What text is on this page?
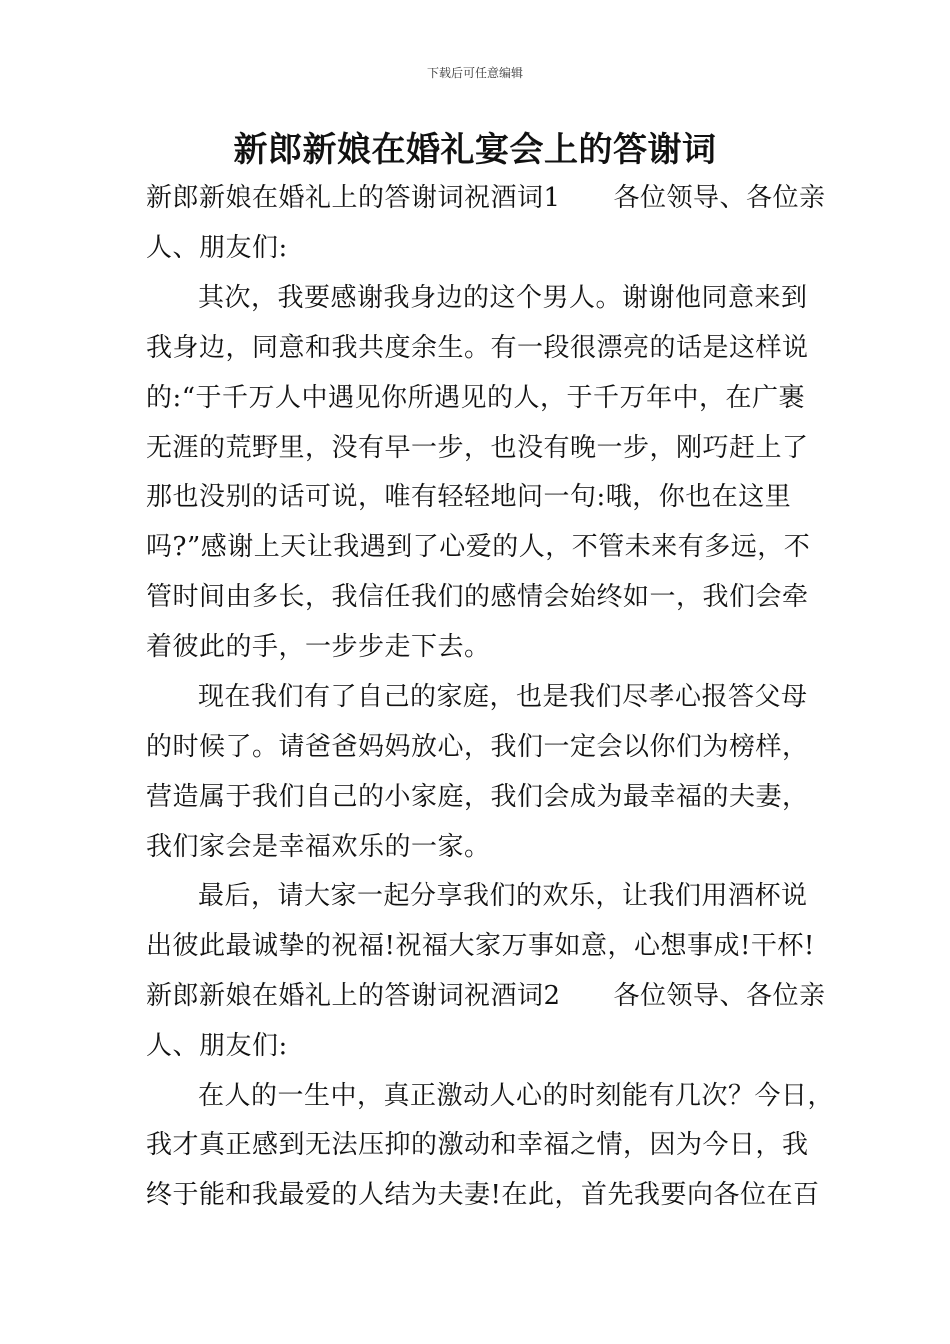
下载后可任意编辑
新郎新娘在婚礼宴会上的答谢词
新郎新娘在婚礼上的答谢词祝酒词1　　各位领导、各位亲
人、朋友们:
其次，我要感谢我身边的这个男人。谢谢他同意来到
我身边，同意和我共度余生。有一段很漂亮的话是这样说
的:“于千万人中遇见你所遇见的人，于千万年中，在广裹
无涯的荒野里，没有早一步，也没有晚一步，刚巧赶上了
那也没别的话可说，唯有轻轻地问一句:哦，你也在这里
吗?”感谢上天让我遇到了心爱的人，不管未来有多远，不
管时间由多长，我信任我们的感情会始终如一，我们会牵
着彼此的手，一步步走下去。
现在我们有了自己的家庭，也是我们尽孝心报答父母
的时候了。请爸爸妈妈放心，我们一定会以你们为榜样，
营造属于我们自己的小家庭，我们会成为最幸福的夫妻，
我们家会是幸福欢乐的一家。
最后，请大家一起分享我们的欢乐，让我们用酒杯说
出彼此最诚挚的祝福!祝福大家万事如意，心想事成!干杯!
新郎新娘在婚礼上的答谢词祝酒词2　　各位领导、各位亲
人、朋友们:
在人的一生中，真正激动人心的时刻能有几次？今日，
我才真正感到无法压抑的激动和幸福之情，因为今日，我
终于能和我最爱的人结为夫妻!在此，首先我要向各位在百
